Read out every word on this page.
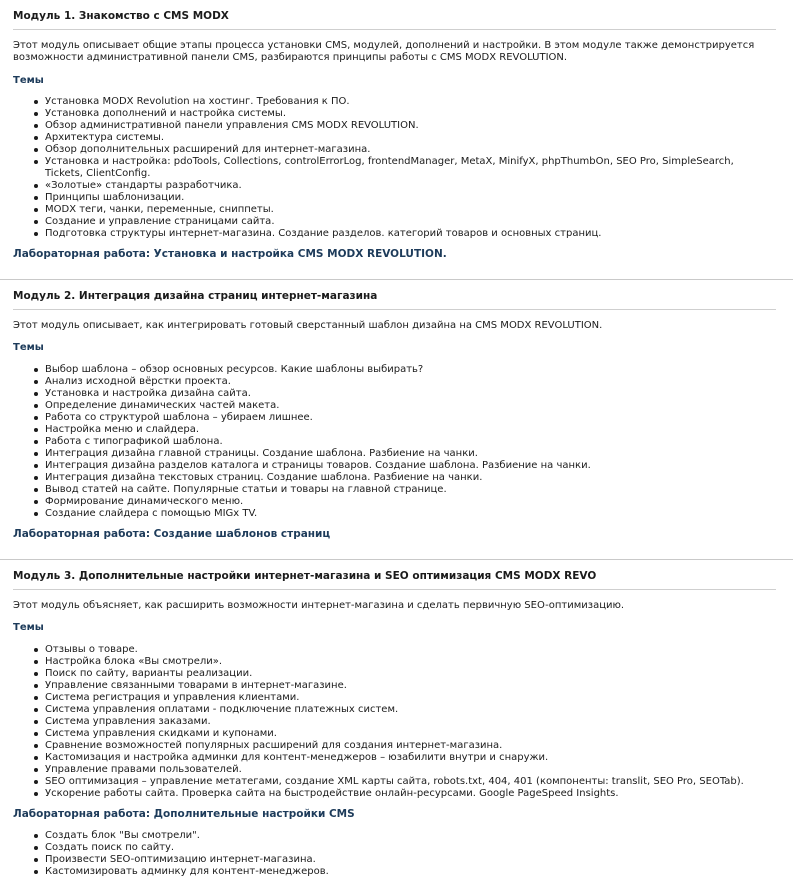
Модуль 1. Знакомство с CMS MODX

Этот модуль описывает общие этапы процесса установки CMS, модулей, дополнений и настройки. В этом модуле также демонстрируется возможности административной панели CMS, разбираются принципы работы с CMS MODX REVOLUTION.

Темы

Установка MODX Revolution на хостинг. Требования к ПО.
Установка дополнений и настройка системы.
Обзор административной панели управления CMS MODX REVOLUTION.
Архитектура системы.
Обзор дополнительных расширений для интернет-магазина.
Установка и настройка: pdoTools, Collections, controlErrorLog, frontendManager, MetaX, MinifyX, phpThumbOn, SEO Pro, SimpleSearch, Tickets, ClientConfig.
«Золотые» стандарты разработчика.
Принципы шаблонизации.
MODX теги, чанки, переменные, сниппеты.
Создание и управление страницами сайта.
Подготовка структуры интернет-магазина. Создание разделов. категорий товаров и основных страниц.

Лабораторная работа: Установка и настройка CMS MODX REVOLUTION.

Модуль 2. Интеграция дизайна страниц интернет-магазина

Этот модуль описывает, как интегрировать готовый сверстанный шаблон дизайна на CMS MODX REVOLUTION.

Темы

Выбор шаблона – обзор основных ресурсов. Какие шаблоны выбирать?
Анализ исходной вёрстки проекта.
Установка и настройка дизайна сайта.
Определение динамических частей макета.
Работа со структурой шаблона – убираем лишнее.
Настройка меню и слайдера.
Работа с типографикой шаблона.
Интеграция дизайна главной страницы. Создание шаблона. Разбиение на чанки.
Интеграция дизайна разделов каталога и страницы товаров. Создание шаблона. Разбиение на чанки.
Интеграция дизайна текстовых страниц. Создание шаблона. Разбиение на чанки.
Вывод статей на сайте. Популярные статьи и товары на главной странице.
Формирование динамического меню.
Создание слайдера с помощью MIGx TV.

Лабораторная работа: Создание шаблонов страниц

Модуль 3. Дополнительные настройки интернет-магазина и SEO оптимизация CMS MODX REVO

Этот модуль объясняет, как расширить возможности интернет-магазина и сделать первичную SEO-оптимизацию.

Темы

Отзывы о товаре.
Настройка блока «Вы смотрели».
Поиск по сайту, варианты реализации.
Управление связанными товарами в интернет-магазине.
Система регистрация и управления клиентами.
Система управления оплатами - подключение платежных систем.
Система управления заказами.
Система управления скидками и купонами.
Сравнение возможностей популярных расширений для создания интернет-магазина.
Кастомизация и настройка админки для контент-менеджеров – юзабилити внутри и снаружи.
Управление правами пользователей.
SEO оптимизация – управление метатегами, создание XML карты сайта, robots.txt, 404, 401 (компоненты: translit, SEO Pro, SEOTab).
Ускорение работы сайта. Проверка сайта на быстродействие онлайн-ресурсами. Google PageSpeed Insights.

Лабораторная работа: Дополнительные настройки CMS

Создать блок "Вы смотрели".
Создать поиск по сайту.
Произвести SEO-оптимизацию интернет-магазина.
Кастомизировать админку для контент-менеджеров.
